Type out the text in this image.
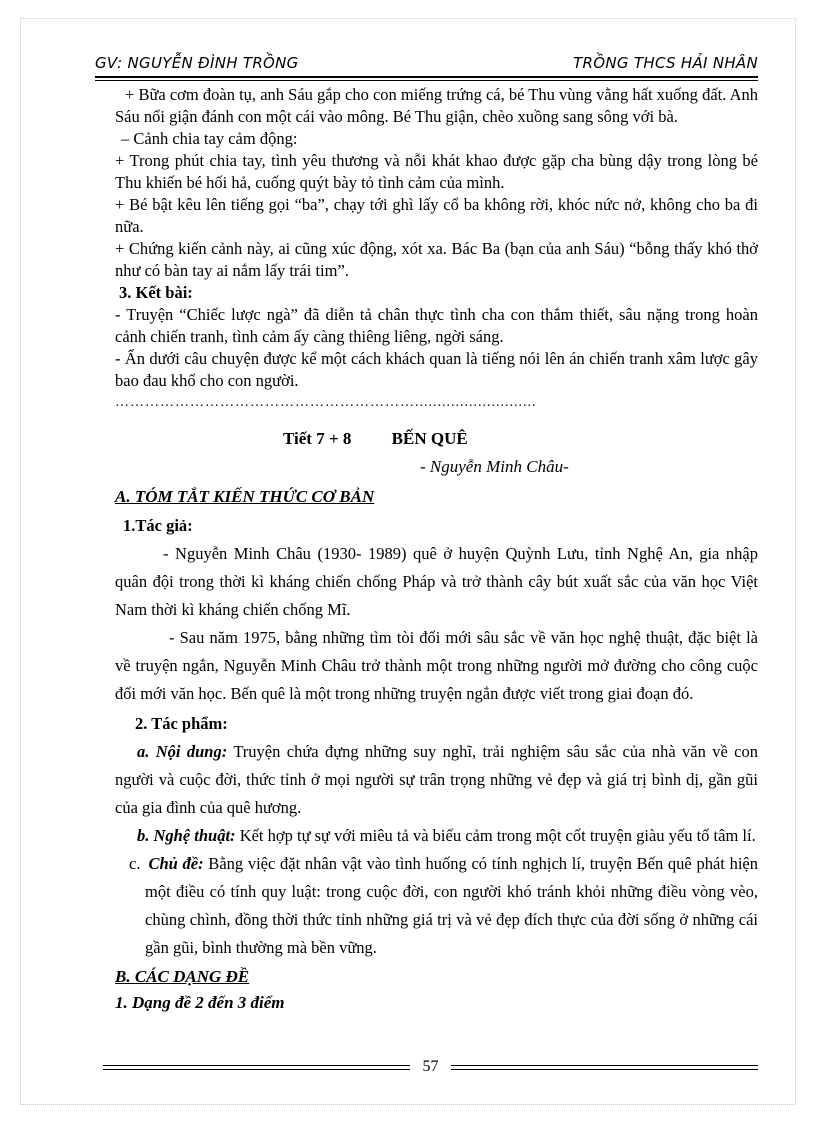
GV: NGUYỄN ĐÌNH TRỒNG	TRỒNG THCS HẢI NHÂN

+ Bữa cơm đoàn tụ, anh Sáu gắp cho con miếng trứng cá, bé Thu vùng vằng hất xuống đất. Anh Sáu nổi giận đánh con một cái vào mông. Bé Thu giận, chèo xuồng sang sông với bà.

– Cảnh chia tay cảm động:

+ Trong phút chia tay, tình yêu thương và nỗi khát khao được gặp cha bùng dậy trong lòng bé Thu khiến bé hối hả, cuống quýt bày tỏ tình cảm của mình.

+ Bé bật kêu lên tiếng gọi “ba”, chạy tới ghì lấy cổ ba không rời, khóc nức nở, không cho ba đi nữa.

+ Chứng kiến cảnh này, ai cũng xúc động, xót xa. Bác Ba (bạn của anh Sáu) “bỗng thấy khó thở như có bàn tay ai nắm lấy trái tim”.

3. Kết bài:

- Truyện “Chiếc lược ngà” đã diễn tả chân thực tình cha con thắm thiết, sâu nặng trong hoàn cảnh chiến tranh, tình cảm ấy càng thiêng liêng, ngời sáng.

- Ẩn dưới câu chuyện được kể một cách khách quan là tiếng nói lên án chiến tranh xâm lược gây bao đau khổ cho con người.

……………………………………………………...........................

Tiết 7 + 8 BẾN QUÊ
- Nguyễn Minh Châu-
A. TÓM TẮT KIẾN THỨC CƠ BẢN

1.Tác giả:

- Nguyễn Minh Châu (1930- 1989) quê ở huyện Quỳnh Lưu, tỉnh Nghệ An, gia nhập quân đội trong thời kì kháng chiến chống Pháp và trở thành cây bút xuất sắc của văn học Việt Nam thời kì kháng chiến chống Mĩ.

- Sau năm 1975, bằng những tìm tòi đổi mới sâu sắc về văn học nghệ thuật, đặc biệt là về truyện ngắn, Nguyễn Minh Châu trở thành một trong những người mở đường cho công cuộc đổi mới văn học. Bến quê là một trong những truyện ngắn được viết trong giai đoạn đó.

2. Tác phẩm:

a. Nội dung: Truyện chứa đựng những suy nghĩ, trải nghiệm sâu sắc của nhà văn về con người và cuộc đời, thức tỉnh ở mọi người sự trân trọng những vẻ đẹp và giá trị bình dị, gần gũi của gia đình của quê hương.

b. Nghệ thuật: Kết hợp tự sự với miêu tả và biểu cảm trong một cốt truyện giàu yếu tố tâm lí.

c. Chủ đề: Bằng việc đặt nhân vật vào tình huống có tính nghịch lí, truyện Bến quê phát hiện một điều có tính quy luật: trong cuộc đời, con người khó tránh khỏi những điều vòng vèo, chùng chình, đồng thời thức tỉnh những giá trị và vẻ đẹp đích thực của đời sống ở những cái gần gũi, bình thường mà bền vững.

B. CÁC DẠNG ĐỀ

1. Dạng đề 2 đến 3 điểm

57
